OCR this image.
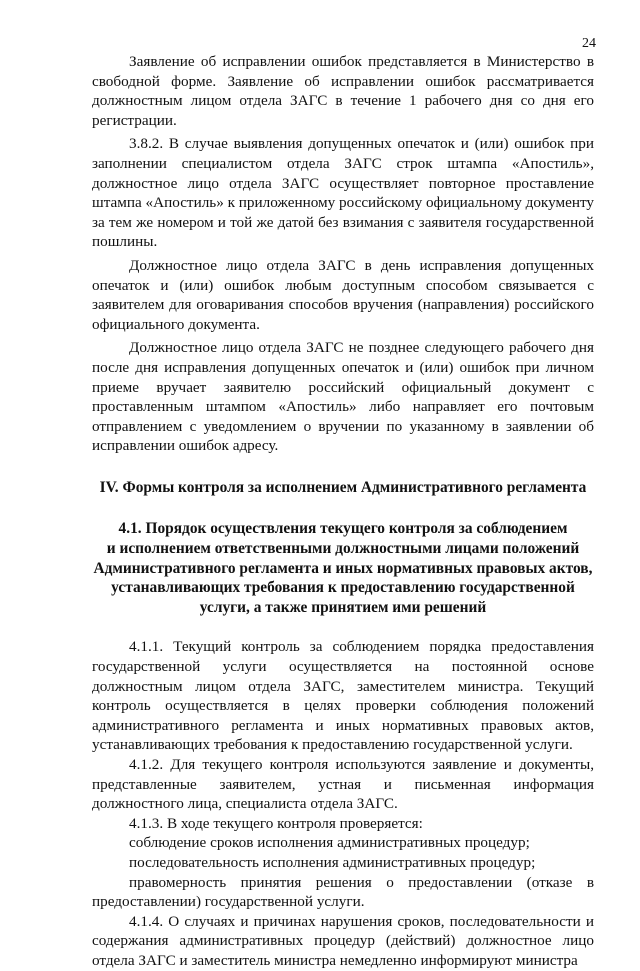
24

Заявление об исправлении ошибок представляется в Министерство в свободной форме. Заявление об исправлении ошибок рассматривается должностным лицом отдела ЗАГС в течение 1 рабочего дня со дня его регистрации.

3.8.2. В случае выявления допущенных опечаток и (или) ошибок при заполнении специалистом отдела ЗАГС строк штампа «Апостиль», должностное лицо отдела ЗАГС осуществляет повторное проставление штампа «Апостиль» к приложенному российскому официальному документу за тем же номером и той же датой без взимания с заявителя государственной пошлины.

Должностное лицо отдела ЗАГС в день исправления допущенных опечаток и (или) ошибок любым доступным способом связывается с заявителем для оговаривания способов вручения (направления) российского официального документа.

Должностное лицо отдела ЗАГС не позднее следующего рабочего дня после дня исправления допущенных опечаток и (или) ошибок при личном приеме вручает заявителю российский официальный документ с проставленным штампом «Апостиль» либо направляет его почтовым отправлением с уведомлением о вручении по указанному в заявлении об исправлении ошибок адресу.

IV. Формы контроля за исполнением Административного регламента
4.1. Порядок осуществления текущего контроля за соблюдением
и исполнением ответственными должностными лицами положений
Административного регламента и иных нормативных правовых актов,
устанавливающих требования к предоставлению государственной
услуги, а также принятием ими решений

4.1.1. Текущий контроль за соблюдением порядка предоставления государственной услуги осуществляется на постоянной основе должностным лицом отдела ЗАГС, заместителем министра. Текущий контроль осуществляется в целях проверки соблюдения положений административного регламента и иных нормативных правовых актов, устанавливающих требования к предоставлению государственной услуги.

4.1.2. Для текущего контроля используются заявление и документы, представленные заявителем, устная и письменная информация должностного лица, специалиста отдела ЗАГС.

4.1.3. В ходе текущего контроля проверяется:

соблюдение сроков исполнения административных процедур;

последовательность исполнения административных процедур;

правомерность принятия решения о предоставлении (отказе в предоставлении) государственной услуги.

4.1.4. О случаях и причинах нарушения сроков, последовательности и содержания административных процедур (действий) должностное лицо отдела ЗАГС и заместитель министра немедленно информируют министра
